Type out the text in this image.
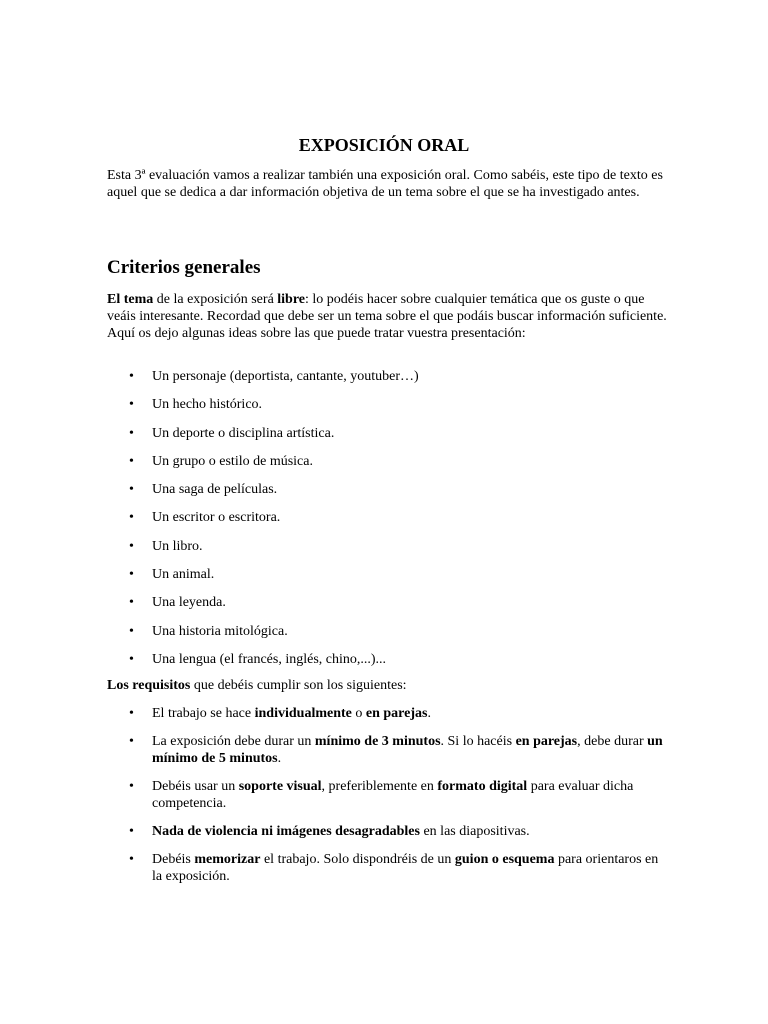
EXPOSICIÓN ORAL

Esta 3ª evaluación vamos a realizar también una exposición oral. Como sabéis, este tipo de texto es aquel que se dedica a dar información objetiva de un tema sobre el que se ha investigado antes.

Criterios generales

El tema de la exposición será libre: lo podéis hacer sobre cualquier temática que os guste o que veáis interesante. Recordad que debe ser un tema sobre el que podáis buscar información suficiente. Aquí os dejo algunas ideas sobre las que puede tratar vuestra presentación:

• Un personaje (deportista, cantante, youtuber…)
• Un hecho histórico.
• Un deporte o disciplina artística.
• Un grupo o estilo de música.
• Una saga de películas.
• Un escritor o escritora.
• Un libro.
• Un animal.
• Una leyenda.
• Una historia mitológica.
• Una lengua (el francés, inglés, chino,...)...

Los requisitos que debéis cumplir son los siguientes:

• El trabajo se hace individualmente o en parejas.
• La exposición debe durar un mínimo de 3 minutos. Si lo hacéis en parejas, debe durar un mínimo de 5 minutos.
• Debéis usar un soporte visual, preferiblemente en formato digital para evaluar dicha competencia.
• Nada de violencia ni imágenes desagradables en las diapositivas.
• Debéis memorizar el trabajo. Solo dispondréis de un guion o esquema para orientaros en la exposición.
